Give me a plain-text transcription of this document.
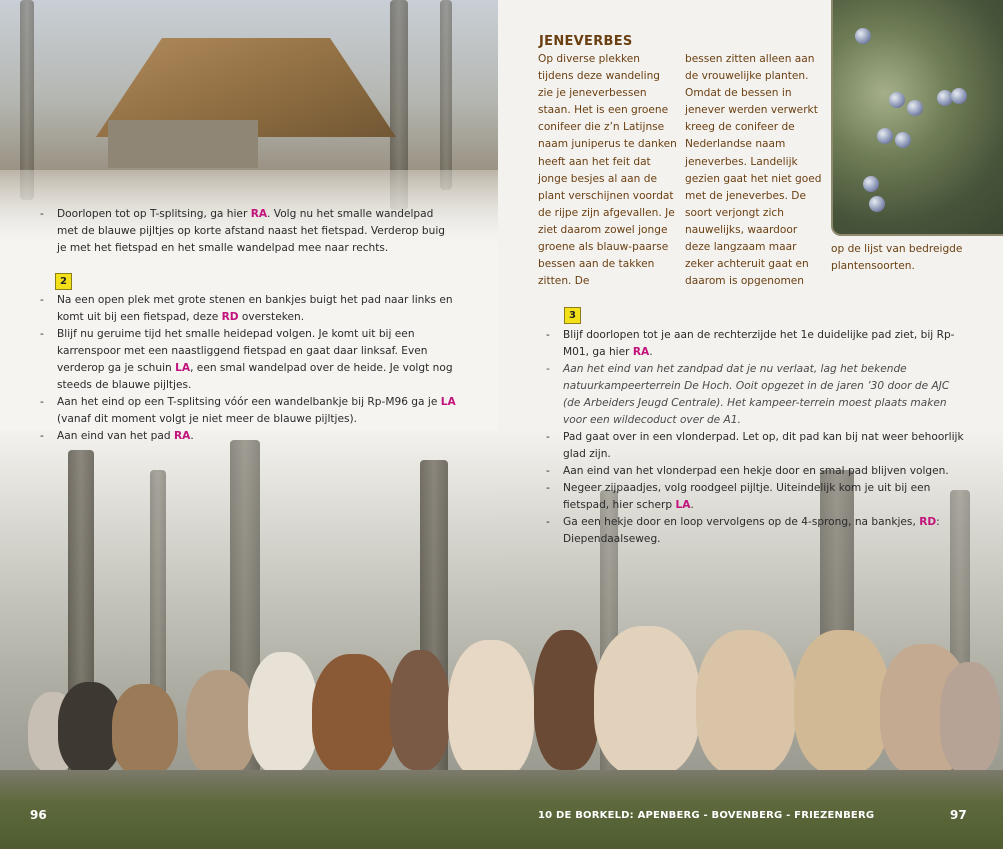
- Doorlopen tot op T-splitsing, ga hier RA. Volg nu het smalle wandelpad met de blauwe pijltjes op korte afstand naast het fietspad. Verderop buig je met het fietspad en het smalle wandelpad mee naar rechts.
2
- Na een open plek met grote stenen en bankjes buigt het pad naar links en komt uit bij een fietspad, deze RD oversteken.
- Blijf nu geruime tijd het smalle heidepad volgen. Je komt uit bij een karrenspoor met een naastliggend fietspad en gaat daar linksaf. Even verderop ga je schuin LA, een smal wandelpad over de heide. Je volgt nog steeds de blauwe pijltjes.
- Aan het eind op een T-splitsing vóór een wandelbankje bij Rp-M96 ga je LA (vanaf dit moment volgt je niet meer de blauwe pijltjes).
- Aan eind van het pad RA.
96
JENEVERBES
Op diverse plekken tijdens deze wandeling zie je jeneverbessen staan. Het is een groene conifeer die z’n Latijnse naam juniperus te danken heeft aan het feit dat jonge besjes al aan de plant verschijnen voordat de rijpe zijn afgevallen. Je ziet daarom zowel jonge groene als blauw-paarse bessen aan de takken zitten. De
bessen zitten alleen aan de vrouwelijke planten. Omdat de bessen in jenever werden verwerkt kreeg de conifeer de Nederlandse naam jeneverbes. Landelijk gezien gaat het niet goed met de jeneverbes. De soort verjongt zich nauwelijks, waardoor deze langzaam maar zeker achteruit gaat en daarom is opgenomen
op de lijst van bedreigde plantensoorten.
3
- Blijf doorlopen tot je aan de rechterzijde het 1e duidelijke pad ziet, bij Rp-M01, ga hier RA.
- Aan het eind van het zandpad dat je nu verlaat, lag het bekende natuurkampeerterrein De Hoch. Ooit opgezet in de jaren ’30 door de AJC (de Arbeiders Jeugd Centrale). Het kampeer-terrein moest plaats maken voor een wildecoduct over de A1.
- Pad gaat over in een vlonderpad. Let op, dit pad kan bij nat weer behoorlijk glad zijn.
- Aan eind van het vlonderpad een hekje door en smal pad blijven volgen.
- Negeer zijpaadjes, volg roodgeel pijltje. Uiteindelijk kom je uit bij een fietspad, hier scherp LA.
- Ga een hekje door en loop vervolgens op de 4-sprong, na bankjes, RD: Diependaalseweg.
97
10 DE BORKELD: APENBERG - BOVENBERG - FRIEZENBERG
